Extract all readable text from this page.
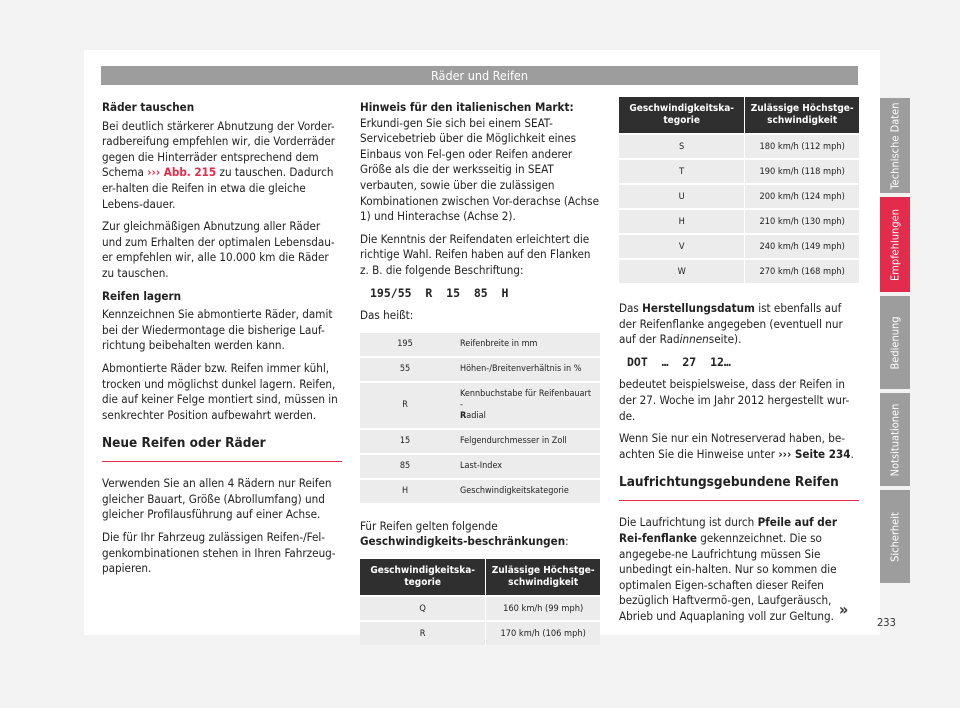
Räder und Reifen

Räder tauschen

Bei deutlich stärkerer Abnutzung der Vorder-radbereifung empfehlen wir, die Vorderräder gegen die Hinterräder entsprechend dem Schema ››› Abb. 215 zu tauschen. Dadurch er-halten die Reifen in etwa die gleiche Lebens-dauer.

Zur gleichmäßigen Abnutzung aller Räder und zum Erhalten der optimalen Lebensdau-er empfehlen wir, alle 10.000 km die Räder zu tauschen.

Reifen lagern

Kennzeichnen Sie abmontierte Räder, damit bei der Wiedermontage die bisherige Lauf-richtung beibehalten werden kann.

Abmontierte Räder bzw. Reifen immer kühl, trocken und möglichst dunkel lagern. Reifen, die auf keiner Felge montiert sind, müssen in senkrechter Position aufbewahrt werden.

Neue Reifen oder Räder

Verwenden Sie an allen 4 Rädern nur Reifen gleicher Bauart, Größe (Abrollumfang) und gleicher Profilausführung auf einer Achse.

Die für Ihr Fahrzeug zulässigen Reifen-/Fel-genkombinationen stehen in Ihren Fahrzeug-papieren.

Hinweis für den italienischen Markt: Erkundi-gen Sie sich bei einem SEAT-Servicebetrieb über die Möglichkeit eines Einbaus von Fel-gen oder Reifen anderer Größe als die der werksseitig in SEAT verbauten, sowie über die zulässigen Kombinationen zwischen Vor-derachse (Achse 1) und Hinterachse (Achse 2).

Die Kenntnis der Reifendaten erleichtert die richtige Wahl. Reifen haben auf den Flanken z. B. die folgende Beschriftung:

195/55  R  15  85  H

Das heißt:

195	Reifenbreite in mm
55	Höhen-/Breitenverhältnis in %
R	Kennbuchstabe für Reifenbauart -
Radial
15	Felgendurchmesser in Zoll
85	Last-Index
H	Geschwindigkeitskategorie

Für Reifen gelten folgende Geschwindigkeits-beschränkungen:

Geschwindigkeitska-tegorie	Zulässige Höchstge-schwindigkeit
Q	160 km/h (99 mph)
R	170 km/h (106 mph)
Geschwindigkeitska-tegorie	Zulässige Höchstge-schwindigkeit
S	180 km/h (112 mph)
T	190 km/h (118 mph)
U	200 km/h (124 mph)
H	210 km/h (130 mph)
V	240 km/h (149 mph)
W	270 km/h (168 mph)

Das Herstellungsdatum ist ebenfalls auf der Reifenflanke angegeben (eventuell nur auf der Radinnenseite).

DOT  …  27  12…

bedeutet beispielsweise, dass der Reifen in der 27. Woche im Jahr 2012 hergestellt wur-de.

Wenn Sie nur ein Notreserverad haben, be-achten Sie die Hinweise unter ››› Seite 234.

Laufrichtungsgebundene Reifen

Die Laufrichtung ist durch Pfeile auf der Rei-fenflanke gekennzeichnet. Die so angegebe-ne Laufrichtung müssen Sie unbedingt ein-halten. Nur so kommen die optimalen Eigen-schaften dieser Reifen bezüglich Haftvermö-gen, Laufgeräusch, Abrieb und Aquaplaning voll zur Geltung. »
Technische Daten
Empfehlungen
Bedienung
Notsituationen
Sicherheit
233
